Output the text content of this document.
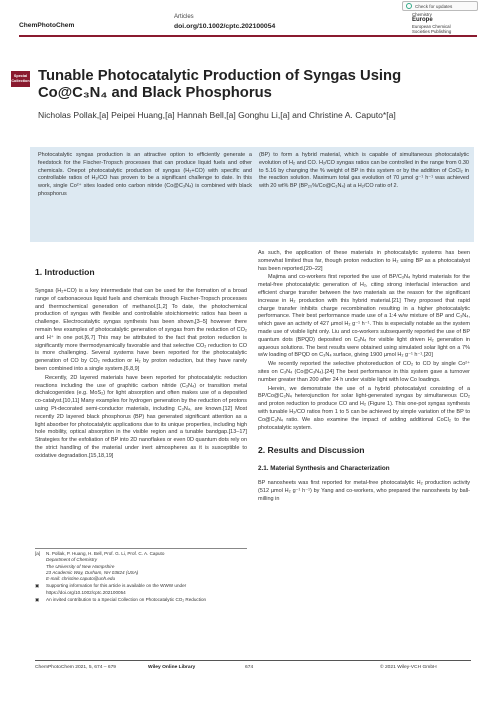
ChemPhotoChem
Articles
doi.org/10.1002/cptc.202100054
Check for updates
Chemistry
Europe
European Chemical
Societies Publishing
Special
Collection Tunable Photocatalytic Production of Syngas Using
Co@C₃N₄ and Black Phosphorus
Nicholas Pollak,[a] Peipei Huang,[a] Hannah Bell,[a] Gonghu Li,[a] and Christine A. Caputo*[a]
Photocatalytic syngas production is an attractive option to efficiently generate a feedstock for the Fischer-Tropsch processes that can produce liquid fuels and other chemicals. Onepot photocatalytic production of syngas (H₂+CO) with specific and controllable ratios of H₂/CO has proven to be a significant challenge to date. In this work, single Co²⁺ sites loaded onto carbon nitride (Co@C₃N₄) is combined with black phosphorus
(BP) to form a hybrid material, which is capable of simultaneous photocatalytic evolution of H₂ and CO. H₂/CO syngas ratios can be controlled in the range from 0.30 to 5.16 by changing the % weight of BP in this system or by the addition of CoCl₂ in the reaction solution. Maximum total gas evolution of 70 µmol g⁻¹ h⁻¹ was achieved with 20 wt% BP (BP₂₀%/Co@C₃N₄) at a H₂/CO ratio of 2.
1. Introduction

Syngas (H₂+CO) is a key intermediate that can be used for the formation of a broad range of carbonaceous liquid fuels and chemicals through Fischer-Tropsch processes and thermochemical generation of methanol.[1,2] To date, the photochemical production of syngas with flexible and controllable stoichiometric ratios has been a challenge. Electrocatalytic syngas synthesis has been shown,[3–5] however there remain few examples of photocatalytic generation of syngas from the reduction of CO₂ and H⁺ in one pot.[6,7] This may be attributed to the fact that proton reduction is significantly more thermodynamically favorable and that selective CO₂ reduction to CO is more challenging. Several systems have been reported for the photocatalytic generation of CO by CO₂ reduction or H₂ by proton reduction, but they have rarely been combined into a single system.[6,8,9]

Recently, 2D layered materials have been reported for photocatalytic reduction reactions including the use of graphitic carbon nitride (C₃N₄) or transition metal dichalcogenides (e.g. MoS₂) for light absorption and often makes use of a deposited co-catalyst.[10,11] Many examples for hydrogen generation by the reduction of protons using Pt-decorated semi-conductor materials, including C₃N₄, are known.[12] Most recently 2D layered black phosphorus (BP) has generated significant attention as a light absorber for photocatalytic applications due to its unique properties, including high hole mobility, optical absorption in the visible region and a tunable bandgap.[13–17] Strategies for the exfoliation of BP into 2D nanoflakes or even 0D quantum dots rely on the strict handling of the material under inert atmospheres as it is susceptible to oxidative degradation.[15,18,19]

[a]	N. Pollak, P. Huang, H. Bell, Prof. G. Li, Prof. C. A. Caputo
Department of Chemistry
The University of New Hampshire
23 Academic Way, Durham, NH 03824 (USA)
E-mail: christine.caputo@unh.edu
▣	Supporting information for this article is available on the WWW under https://doi.org/10.1002/cptc.202100054
▣	An invited contribution to a Special Collection on Photocatalytic CO₂ Reduction

As such, the application of these materials in photocatalytic systems has been somewhat limited thus far, though proton reduction to H₂ using BP as a photocatalyst has been reported.[20–22]

Majima and co-workers first reported the use of BP/C₃N₄ hybrid materials for the metal-free photocatalytic generation of H₂, citing strong interfacial interaction and efficient charge transfer between the two materials as the reason for the significant increase in H₂ production with this hybrid material.[21] They proposed that rapid charge transfer inhibits charge recombination resulting in a higher photocatalytic performance. Their best performance made use of a 1:4 w/w mixture of BP and C₃N₄, which gave an activity of 427 µmol H₂ g⁻¹ h⁻¹. This is especially notable as the system made use of visible light only. Liu and co-workers subsequently reported the use of BP quantum dots (BPQD) deposited on C₃N₄ for visible light driven H₂ generation in aqueous solutions. The best results were obtained using simulated solar light on a 7% w/w loading of BPQD on C₃N₄ surface, giving 1900 µmol H₂ g⁻¹ h⁻¹.[20]

We recently reported the selective photoreduction of CO₂ to CO by single Co²⁺ sites on C₃N₄ (Co@C₃N₄).[24] The best performance in this system gave a turnover number greater than 200 after 24 h under visible light with low Co loadings.

Herein, we demonstrate the use of a hybrid photocatalyst consisting of a BP/Co@C₃N₄ heterojunction for solar light-generated syngas by simultaneous CO₂ and proton reduction to produce CO and H₂ (Figure 1). This one-pot syngas synthesis with tunable H₂/CO ratios from 1 to 5 can be achieved by simple variation of the BP to Co@C₃N₄ ratio. We also examine the impact of adding additional CoCl₂ to the photocatalytic system.

2. Results and Discussion
2.1. Material Synthesis and Characterization

BP nanosheets was first reported for metal-free photocatalytic H₂ production activity (512 µmol H₂ g⁻¹ h⁻¹) by Yang and co-workers, who prepared the nanosheets by ball-milling in

ChemPhotoChem 2021, 5, 674 – 679	Wiley Online Library	674	© 2021 Wiley-VCH GmbH
